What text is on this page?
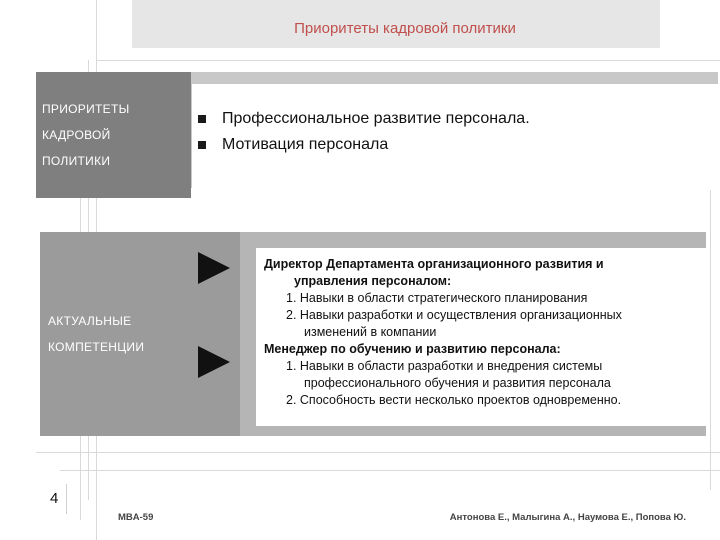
Приоритеты кадровой политики
ПРИОРИТЕТЫ
КАДРОВОЙ
ПОЛИТИКИ
Профессиональное развитие персонала.
Мотивация персонала
АКТУАЛЬНЫЕ
КОМПЕТЕНЦИИ
Директор Департамента организационного развития и
управления персоналом:
1. Навыки в области стратегического планирования
2. Навыки разработки и осуществления организационных
изменений в компании
Менеджер по обучению и развитию персонала:
1. Навыки в области разработки и внедрения системы
профессионального обучения и развития персонала
2. Способность вести несколько проектов одновременно.
4
MBA-59	Антонова Е., Малыгина А., Наумова Е., Попова Ю.
